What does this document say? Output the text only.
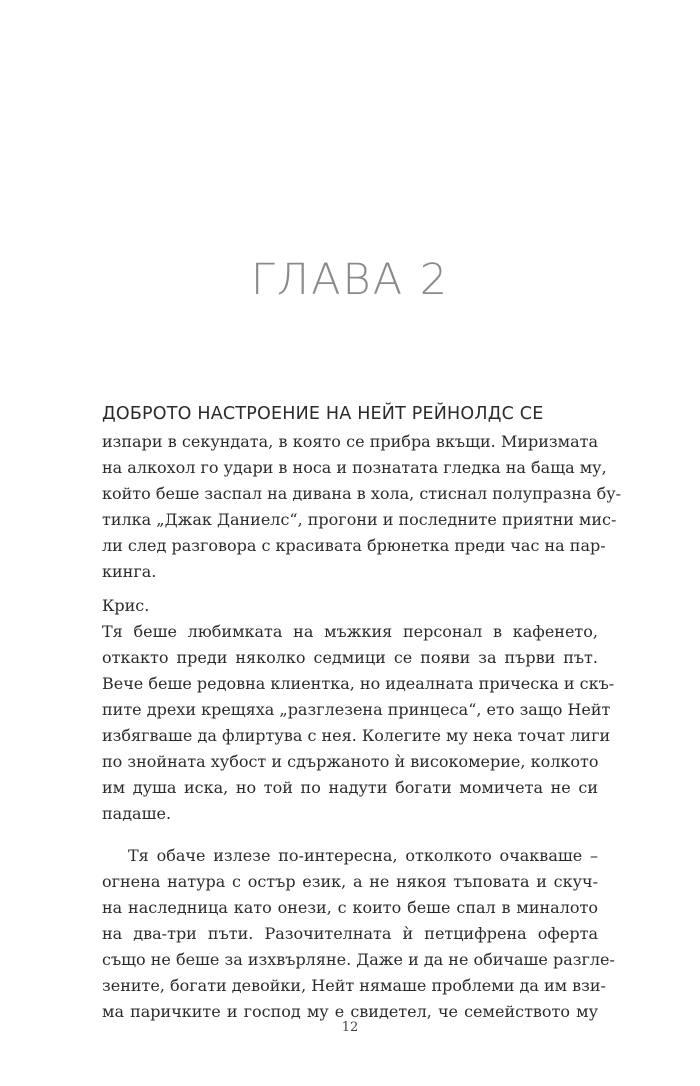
ГЛАВА 2
ДОБРОТО НАСТРОЕНИЕ НА НЕЙТ РЕЙНОЛДС СЕ
изпари в секундата, в която се прибра вкъщи. Миризмата
на алкохол го удари в носа и познатата гледка на баща му,
който беше заспал на дивана в хола, стиснал полупразна бу-
тилка „Джак Даниелс“, прогони и последните приятни мис-
ли след разговора с красивата брюнетка преди час на пар-
кинга.
Крис.
Тя беше любимката на мъжкия персонал в кафенето,
откакто преди няколко седмици се появи за първи път.
Вече беше редовна клиентка, но идеалната прическа и скъ-
пите дрехи крещяха „разглезена принцеса“, ето защо Нейт
избягваше да флиртува с нея. Колегите му нека точат лиги
по знойната хубост и сдържаното ѝ високомерие, колкото
им душа иска, но той по надути богати момичета не си
падаше.
Тя обаче излезе по-интересна, отколкото очакваше –
огнена натура с остър език, а не някоя тъповата и скуч-
на наследница като онези, с които беше спал в миналото
на два-три пъти. Разочителната ѝ петцифрена оферта
също не беше за изхвърляне. Даже и да не обичаше разгле-
зените, богати девойки, Нейт нямаше проблеми да им взи-
ма паричките и господ му е свидетел, че семейството му
12
